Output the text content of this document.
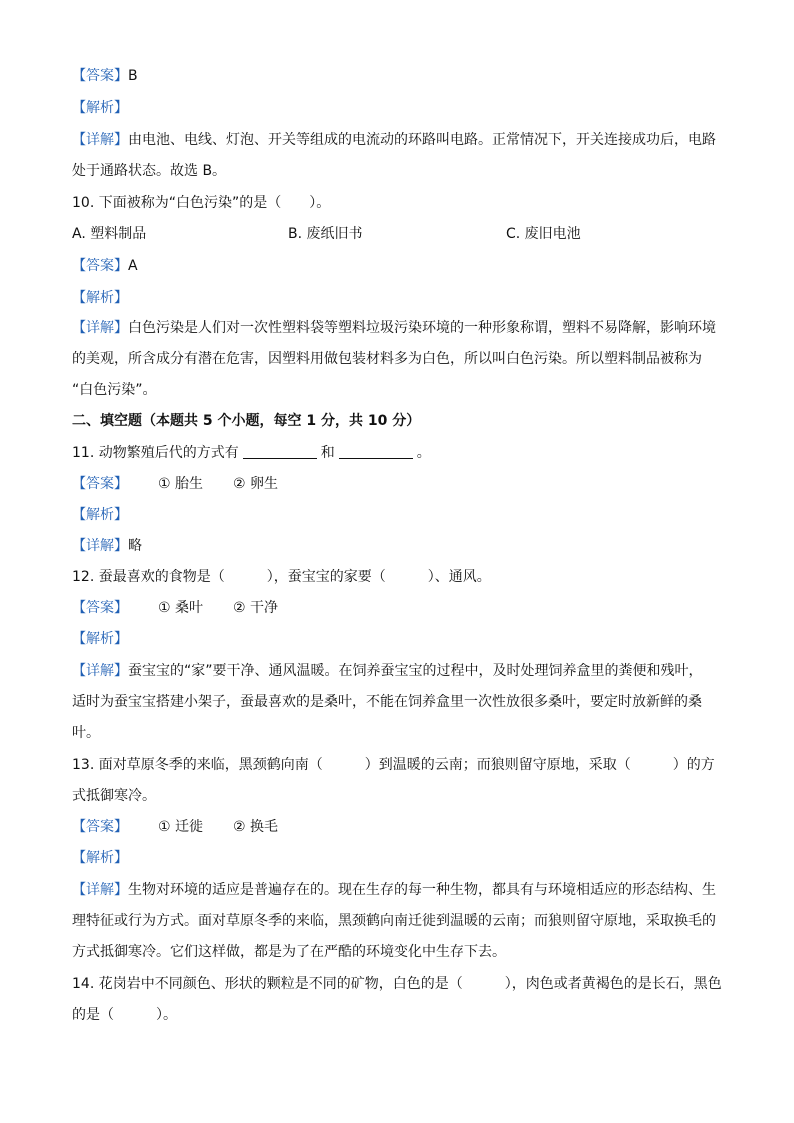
【答案】B
【解析】
【详解】由电池、电线、灯泡、开关等组成的电流动的环路叫电路。正常情况下，开关连接成功后，电路
处于通路状态。故选 B。
10. 下面被称为“白色污染”的是（　　）。
A. 塑料制品	B. 废纸旧书	C. 废旧电池
【答案】A
【解析】
【详解】白色污染是人们对一次性塑料袋等塑料垃圾污染环境的一种形象称谓，塑料不易降解，影响环境
的美观，所含成分有潜在危害，因塑料用做包装材料多为白色，所以叫白色污染。所以塑料制品被称为
“白色污染”。
二、填空题（本题共 5 个小题，每空 1 分，共 10 分）
11. 动物繁殖后代的方式有	和	。
【答案】 ① 胎生 ② 卵生
【解析】
【详解】略
12. 蚕最喜欢的食物是（　　　），蚕宝宝的家要（　　　）、通风。
【答案】 ① 桑叶 ② 干净
【解析】
【详解】蚕宝宝的“家”要干净、通风温暖。在饲养蚕宝宝的过程中，及时处理饲养盒里的粪便和残叶，
适时为蚕宝宝搭建小架子，蚕最喜欢的是桑叶，不能在饲养盒里一次性放很多桑叶，要定时放新鲜的桑
叶。
13. 面对草原冬季的来临，黑颈鹤向南（　　　）到温暖的云南；而狼则留守原地，采取（　　　）的方
式抵御寒冷。
【答案】 ① 迁徙 ② 换毛
【解析】
【详解】生物对环境的适应是普遍存在的。现在生存的每一种生物，都具有与环境相适应的形态结构、生
理特征或行为方式。面对草原冬季的来临，黑颈鹤向南迁徙到温暖的云南；而狼则留守原地，采取换毛的
方式抵御寒冷。它们这样做，都是为了在严酷的环境变化中生存下去。
14. 花岗岩中不同颜色、形状的颗粒是不同的矿物，白色的是（　　　），肉色或者黄褐色的是长石，黑色
的是（　　　）。
